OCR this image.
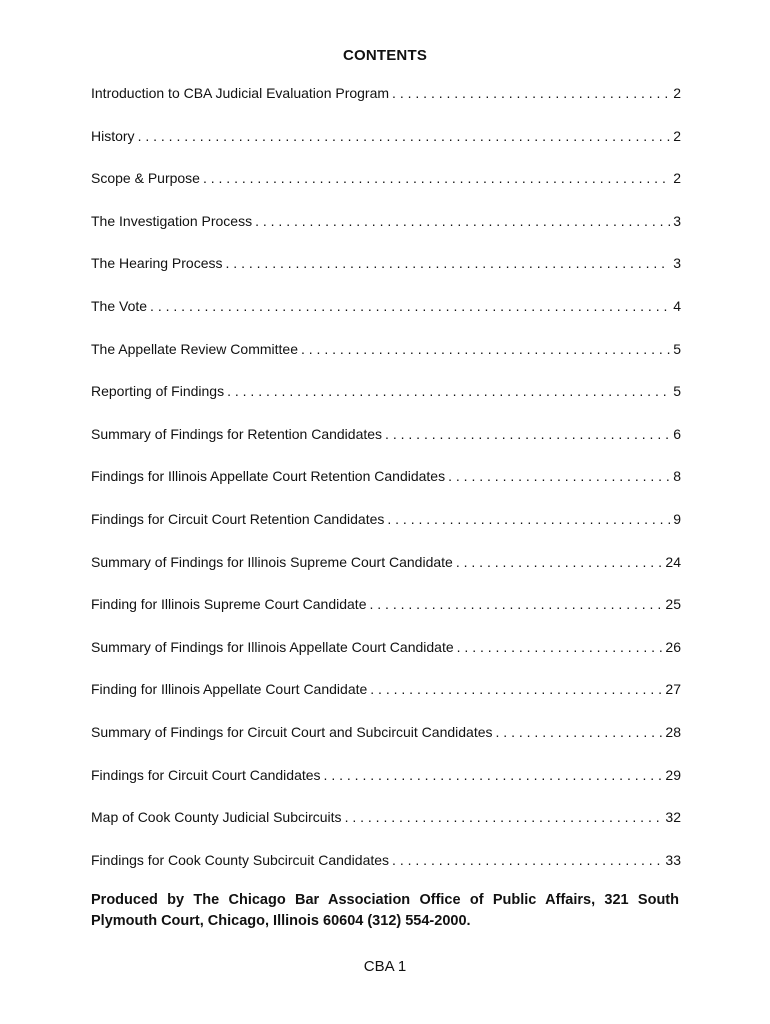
CONTENTS
Introduction to CBA Judicial Evaluation Program . . .	2
History . . .	2
Scope & Purpose . . .	2
The Investigation Process . . .	3
The Hearing Process . . .	3
The Vote . . .	4
The Appellate Review Committee . . .	5
Reporting of Findings . . .	5
Summary of Findings for Retention Candidates . . .	6
Findings for Illinois Appellate Court Retention Candidates . . .	8
Findings for Circuit Court Retention Candidates . . .	9
Summary of Findings for Illinois Supreme Court Candidate . . .	24
Finding for Illinois Supreme Court Candidate . . .	25
Summary of Findings for Illinois Appellate Court Candidate . . .	26
Finding for Illinois Appellate Court Candidate . . .	27
Summary of Findings for Circuit Court and Subcircuit Candidates . . .	28
Findings for Circuit Court Candidates . . .	29
Map of Cook County Judicial Subcircuits . . .	32
Findings for Cook County Subcircuit Candidates . . .	33
Produced by The Chicago Bar Association Office of Public Affairs, 321 South Plymouth Court, Chicago, Illinois 60604 (312) 554-2000.
CBA 1
